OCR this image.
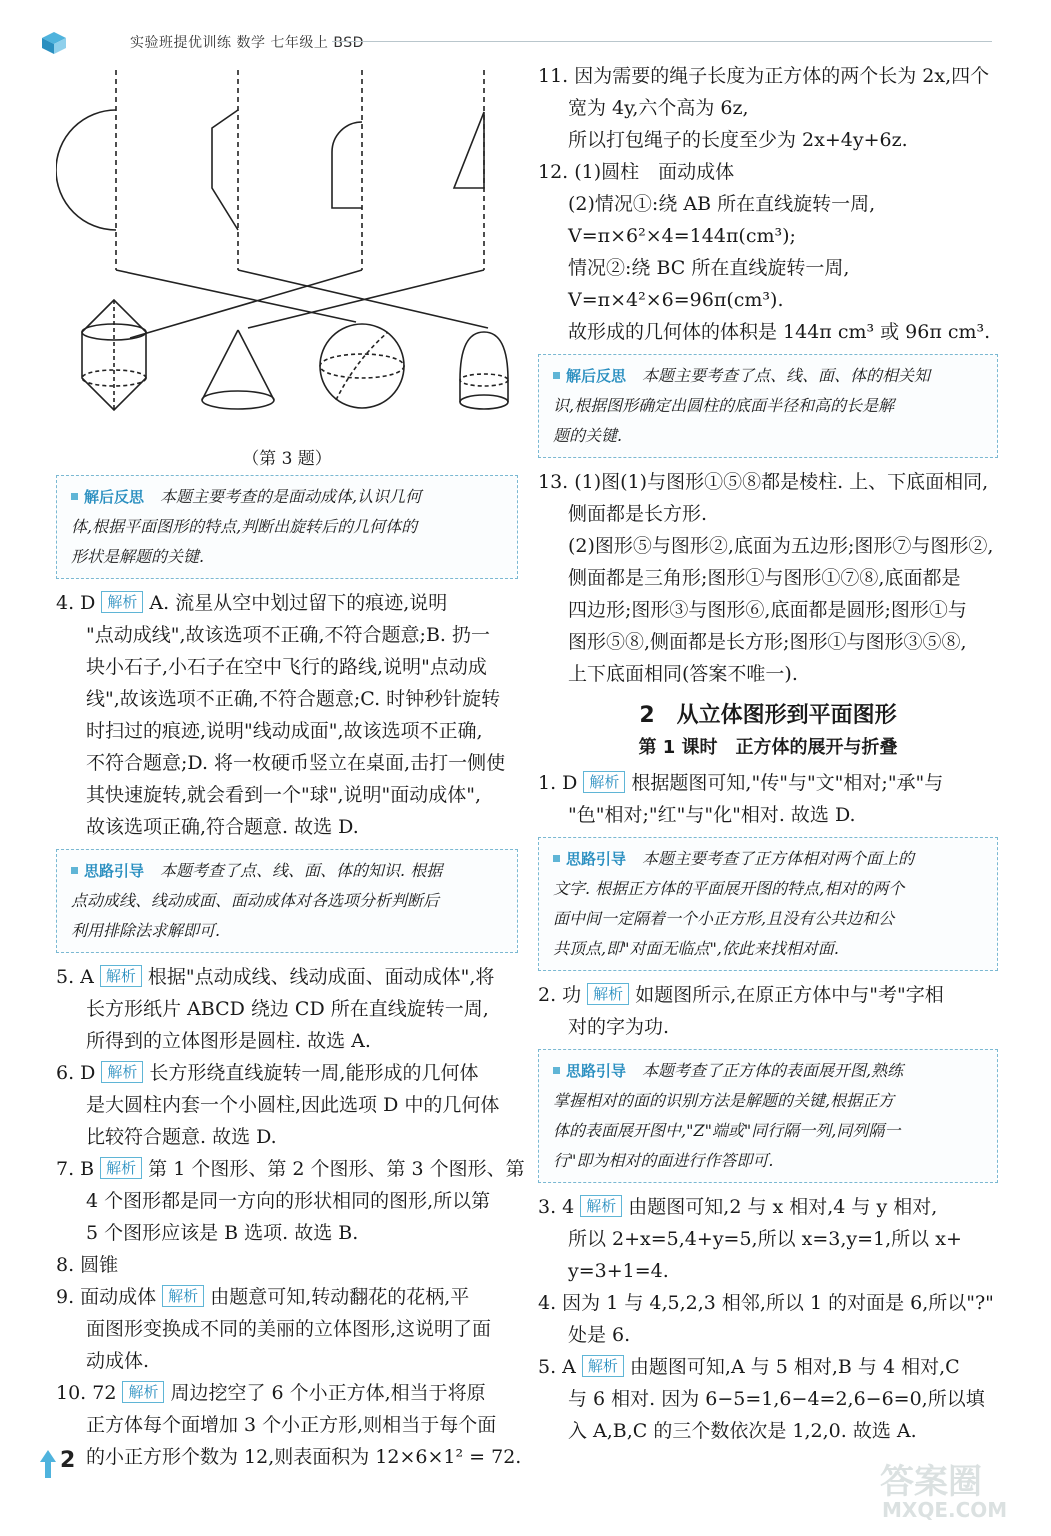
实验班提优训练 数学 七年级上 BSD
（第 3 题）

解后反思　 本题主要考查的是面动成体,认识几何

体,根据平面图形的特点,判断出旋转后的几何体的

形状是解题的关键.

4. D 解析 A. 流星从空中划过留下的痕迹,说明

"点动成线",故该选项不正确,不符合题意;B. 扔一

块小石子,小石子在空中飞行的路线,说明"点动成

线",故该选项不正确,不符合题意;C. 时钟秒针旋转

时扫过的痕迹,说明"线动成面",故该选项不正确,

不符合题意;D. 将一枚硬币竖立在桌面,击打一侧使

其快速旋转,就会看到一个"球",说明"面动成体",

故该选项正确,符合题意. 故选 D.

思路引导　 本题考查了点、线、面、体的知识. 根据

点动成线、线动成面、面动成体对各选项分析判断后

利用排除法求解即可.

5. A 解析 根据"点动成线、线动成面、面动成体",将

长方形纸片 ABCD 绕边 CD 所在直线旋转一周,

所得到的立体图形是圆柱. 故选 A.

6. D 解析 长方形绕直线旋转一周,能形成的几何体

是大圆柱内套一个小圆柱,因此选项 D 中的几何体

比较符合题意. 故选 D.

7. B 解析 第 1 个图形、第 2 个图形、第 3 个图形、第

4 个图形都是同一方向的形状相同的图形,所以第

5 个图形应该是 B 选项. 故选 B.

8. 圆锥

9. 面动成体 解析 由题意可知,转动翻花的花柄,平

面图形变换成不同的美丽的立体图形,这说明了面

动成体.

10. 72 解析 周边挖空了 6 个小正方体,相当于将原

正方体每个面增加 3 个小正方形,则相当于每个面

的小正方形个数为 12,则表面积为 12×6×1² = 72.

11. 因为需要的绳子长度为正方体的两个长为 2x,四个

宽为 4y,六个高为 6z,

所以打包绳子的长度至少为 2x+4y+6z.

12. (1)圆柱　面动成体

(2)情况①:绕 AB 所在直线旋转一周,

V=π×6²×4=144π(cm³);

情况②:绕 BC 所在直线旋转一周,

V=π×4²×6=96π(cm³).

故形成的几何体的体积是 144π cm³ 或 96π cm³.

解后反思　 本题主要考查了点、线、面、体的相关知

识,根据图形确定出圆柱的底面半径和高的长是解

题的关键.

13. (1)图(1)与图形①⑤⑧都是棱柱. 上、下底面相同,

侧面都是长方形.

(2)图形⑤与图形②,底面为五边形;图形⑦与图形②,

侧面都是三角形;图形①与图形①⑦⑧,底面都是

四边形;图形③与图形⑥,底面都是圆形;图形①与

图形⑤⑧,侧面都是长方形;图形①与图形③⑤⑧,

上下底面相同(答案不唯一).

2　从立体图形到平面图形
第 1 课时　正方体的展开与折叠

1. D 解析 根据题图可知,"传"与"文"相对;"承"与

"色"相对;"红"与"化"相对. 故选 D.

思路引导　 本题主要考查了正方体相对两个面上的

文字. 根据正方体的平面展开图的特点,相对的两个

面中间一定隔着一个小正方形,且没有公共边和公

共顶点,即"对面无临点",依此来找相对面.

2. 功 解析 如题图所示,在原正方体中与"考"字相

对的字为功.

思路引导　 本题考查了正方体的表面展开图,熟练

掌握相对的面的识别方法是解题的关键,根据正方

体的表面展开图中,"Z"端或"同行隔一列,同列隔一

行"即为相对的面进行作答即可.

3. 4 解析 由题图可知,2 与 x 相对,4 与 y 相对,

所以 2+x=5,4+y=5,所以 x=3,y=1,所以 x+

y=3+1=4.

4. 因为 1 与 4,5,2,3 相邻,所以 1 的对面是 6,所以"?"

处是 6.

5. A 解析 由题图可知,A 与 5 相对,B 与 4 相对,C

与 6 相对. 因为 6−5=1,6−4=2,6−6=0,所以填

入 A,B,C 的三个数依次是 1,2,0. 故选 A.

2
答案圈
MXQE.COM
